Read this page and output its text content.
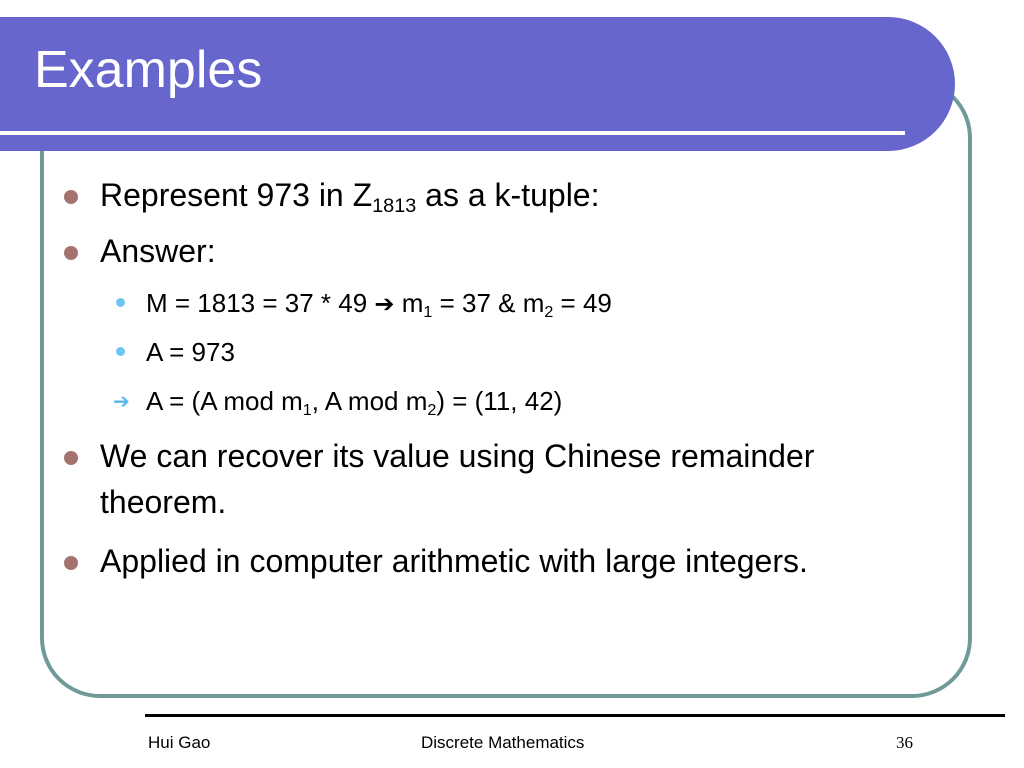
Examples
Represent 973 in $Z_{1813}$ as a k-tuple:
Answer:
M = 1813 = 37 * 49 ➔ $m_1 = 37$ & $m_2 = 49$
A = 973
➔ A = (A mod $m_1$, A mod $m_2) = (11$, 42)
We can recover its value using Chinese remainder theorem.
Applied in computer arithmetic with large integers.
Hui Gao	Discrete Mathematics	36
